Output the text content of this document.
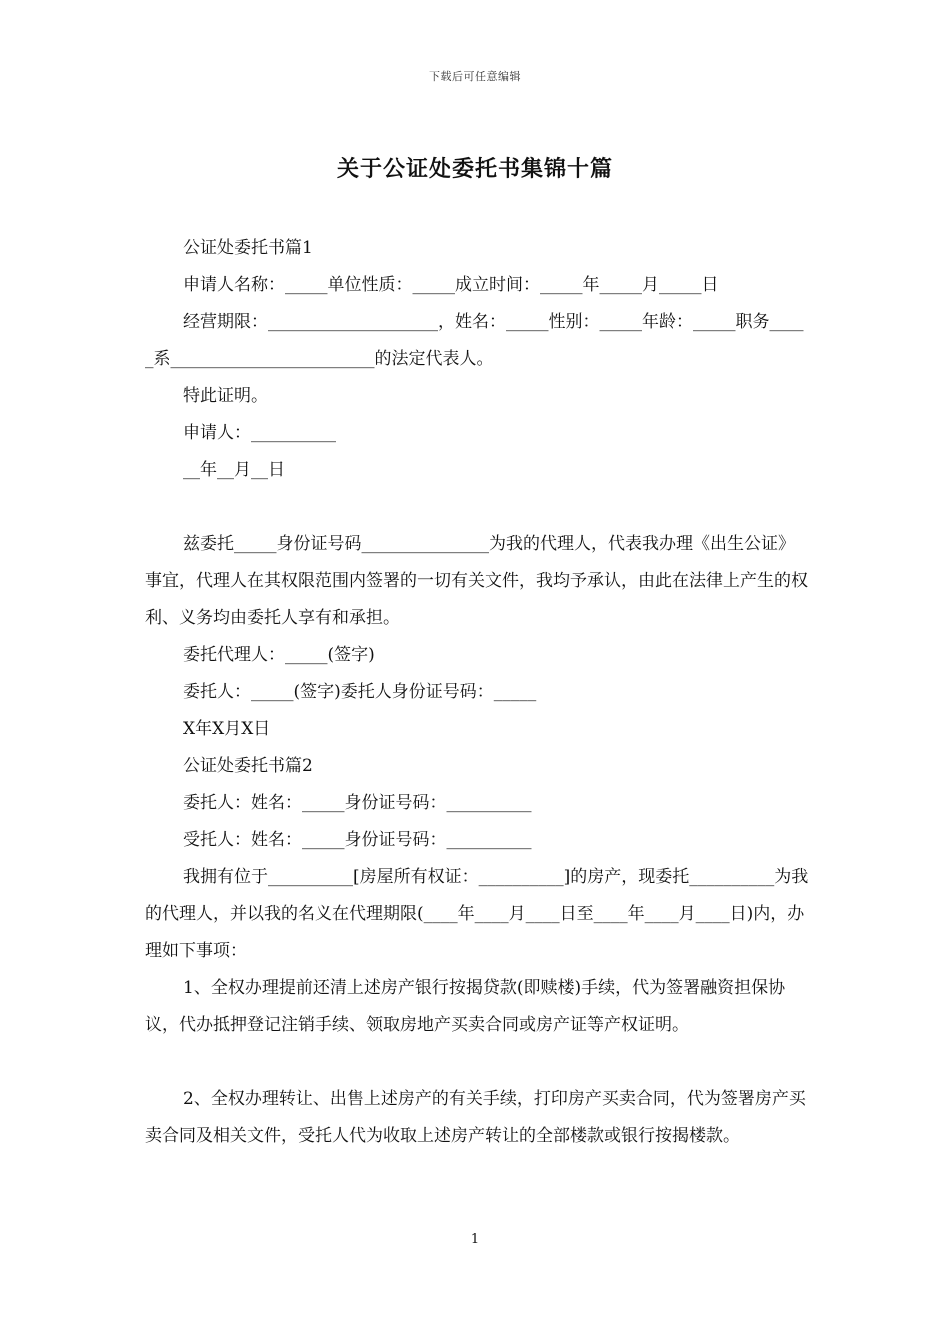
下载后可任意编辑
关于公证处委托书集锦十篇

公证处委托书篇1

申请人名称：_____单位性质：_____成立时间：_____年_____月_____日

经营期限：____________________，姓名：_____性别：_____年龄：_____职务_____系________________________的法定代表人。

特此证明。

申请人：__________

__年__月__日

兹委托_____身份证号码_______________为我的代理人，代表我办理《出生公证》事宜，代理人在其权限范围内签署的一切有关文件，我均予承认，由此在法律上产生的权利、义务均由委托人享有和承担。

委托代理人：_____(签字)

委托人：_____(签字)委托人身份证号码：_____

X年X月X日

公证处委托书篇2

委托人：姓名：_____身份证号码：__________

受托人：姓名：_____身份证号码：__________

我拥有位于__________[房屋所有权证：__________]的房产，现委托__________为我的代理人，并以我的名义在代理期限(____年____月____日至____年____月____日)内，办理如下事项：

1、全权办理提前还清上述房产银行按揭贷款(即赎楼)手续，代为签署融资担保协议，代办抵押登记注销手续、领取房地产买卖合同或房产证等产权证明。

2、全权办理转让、出售上述房产的有关手续，打印房产买卖合同，代为签署房产买卖合同及相关文件，受托人代为收取上述房产转让的全部楼款或银行按揭楼款。

1
